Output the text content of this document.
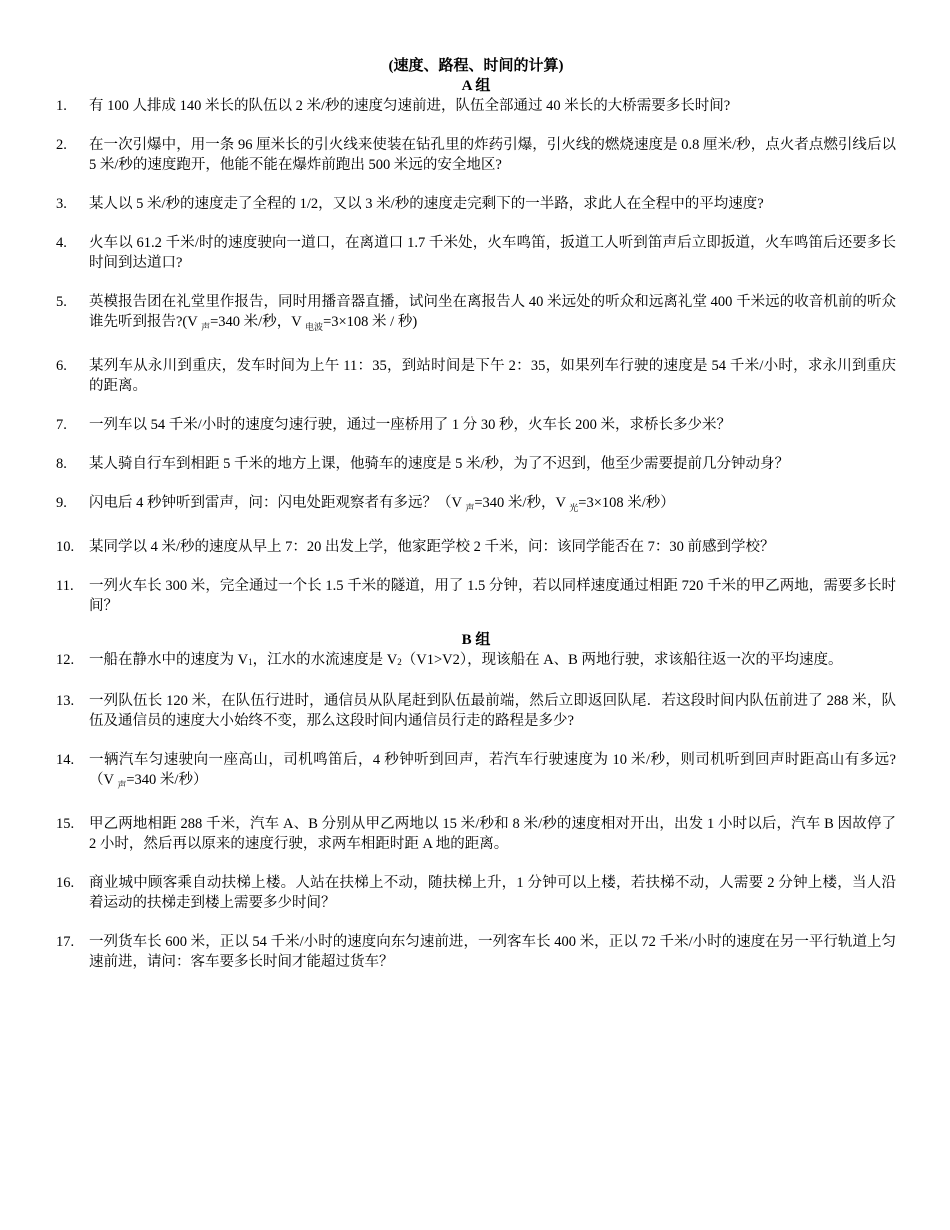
(速度、路程、时间的计算)
A 组
1.	有 100 人排成 140 米长的队伍以 2 米/秒的速度匀速前进，队伍全部通过 40 米长的大桥需要多长时间?
2.	在一次引爆中，用一条 96 厘米长的引火线来使装在钻孔里的炸药引爆，引火线的燃烧速度是 0.8 厘米/秒，点火者点燃引线后以 5 米/秒的速度跑开，他能不能在爆炸前跑出 500 米远的安全地区?
3.	某人以 5 米/秒的速度走了全程的 1/2，又以 3 米/秒的速度走完剩下的一半路，求此人在全程中的平均速度?
4.	火车以 61.2 千米/时的速度驶向一道口，在离道口 1.7 千米处，火车鸣笛，扳道工人听到笛声后立即扳道，火车鸣笛后还要多长时间到达道口?
5.	英模报告团在礼堂里作报告，同时用播音器直播，试问坐在离报告人 40 米远处的听众和远离礼堂 400 千米远的收音机前的听众谁先听到报告?(V $_声$=340 米/秒，V $_{电波}$=3×108 米 / 秒)
6.	某列车从永川到重庆，发车时间为上午 11：35，到站时间是下午 2：35，如果列车行驶的速度是 54 千米/小时，求永川到重庆的距离。
7.	一列车以 54 千米/小时的速度匀速行驶，通过一座桥用了 1 分 30 秒，火车长 200 米，求桥长多少米？
8.	某人骑自行车到相距 5 千米的地方上课，他骑车的速度是 5 米/秒，为了不迟到，他至少需要提前几分钟动身？
9.	闪电后 4 秒钟听到雷声，问：闪电处距观察者有多远？（V $_声$=340 米/秒，V $_光$=3×108 米/秒）
10.	某同学以 4 米/秒的速度从早上 7：20 出发上学，他家距学校 2 千米，问：该同学能否在 7：30 前感到学校？
11.	一列火车长 300 米，完全通过一个长 1.5 千米的隧道，用了 1.5 分钟，若以同样速度通过相距 720 千米的甲乙两地，需要多长时间？
B 组
12.	一船在静水中的速度为 V1，江水的水流速度是 V2（V1>V2），现该船在 A、B 两地行驶，求该船往返一次的平均速度。
13.	一列队伍长 120 米，在队伍行进时，通信员从队尾赶到队伍最前端，然后立即返回队尾．若这段时间内队伍前进了 288 米，队伍及通信员的速度大小始终不变，那么这段时间内通信员行走的路程是多少?
14.	一辆汽车匀速驶向一座高山，司机鸣笛后，4 秒钟听到回声，若汽车行驶速度为 10 米/秒，则司机听到回声时距高山有多远?（V $_声$=340 米/秒）
15.	甲乙两地相距 288 千米，汽车 A、B 分别从甲乙两地以 15 米/秒和 8 米/秒的速度相对开出，出发 1 小时以后，汽车 B 因故停了 2 小时，然后再以原来的速度行驶，求两车相距时距 A 地的距离。
16.	商业城中顾客乘自动扶梯上楼。人站在扶梯上不动，随扶梯上升，1 分钟可以上楼，若扶梯不动，人需要 2 分钟上楼，当人沿着运动的扶梯走到楼上需要多少时间？
17.	一列货车长 600 米，正以 54 千米/小时的速度向东匀速前进，一列客车长 400 米，正以 72 千米/小时的速度在另一平行轨道上匀速前进，请问：客车要多长时间才能超过货车？
